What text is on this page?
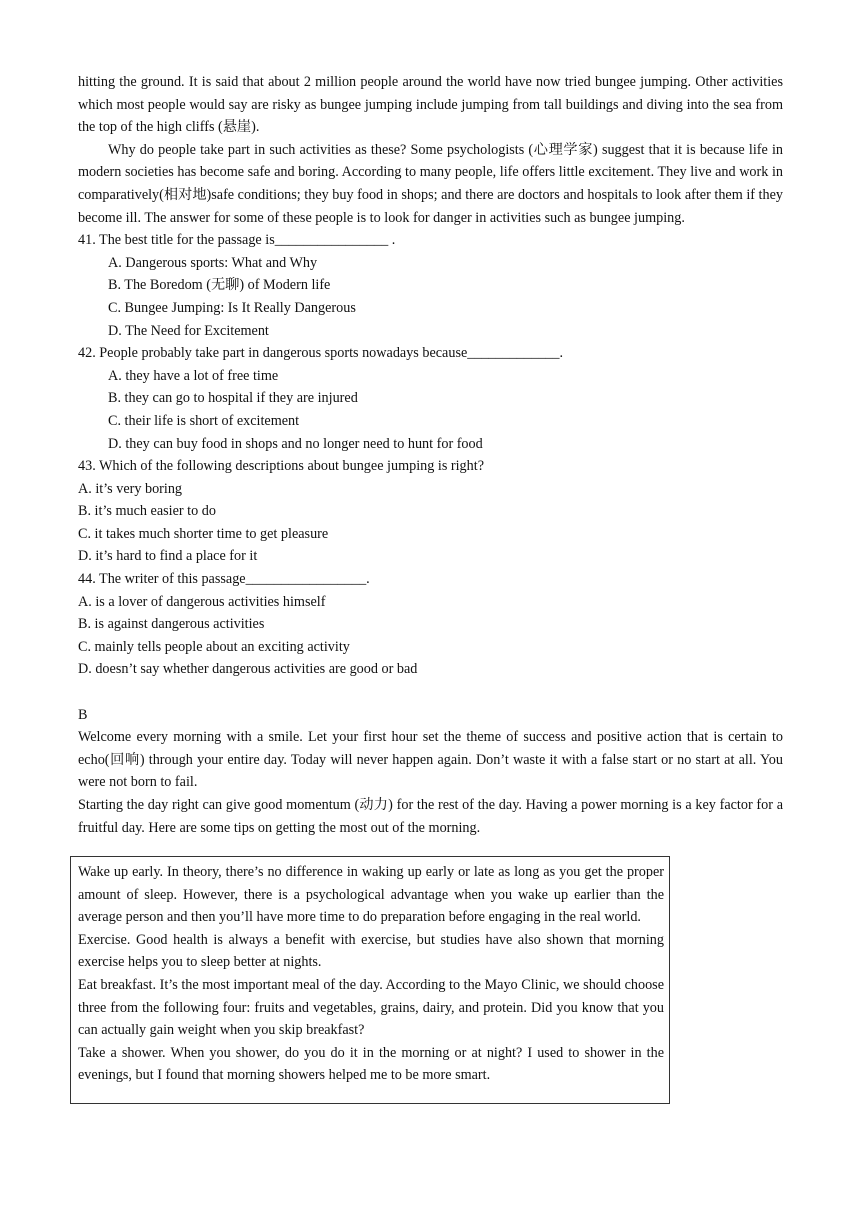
hitting the ground. It is said that about 2 million people around the world have now tried bungee jumping. Other activities which most people would say are risky as bungee jumping include jumping from tall buildings and diving into the sea from the top of the high cliffs (悬崖).

Why do people take part in such activities as these? Some psychologists (心理学家) suggest that it is because life in modern societies has become safe and boring. According to many people, life offers little excitement. They live and work in comparatively(相对地)safe conditions; they buy food in shops; and there are doctors and hospitals to look after them if they become ill. The answer for some of these people is to look for danger in activities such as bungee jumping.

41. The best title for the passage is________________ .

A. Dangerous sports: What and Why

B. The Boredom (无聊) of Modern life

C. Bungee Jumping: Is It Really Dangerous

D. The Need for Excitement

42. People probably take part in dangerous sports nowadays because_____________.

A. they have a lot of free time

B. they can go to hospital if they are injured

C. their life is short of excitement

D. they can buy food in shops and no longer need to hunt for food

43. Which of the following descriptions about bungee jumping is right?

A. it’s very boring

B. it’s much easier to do

C. it takes much shorter time to get pleasure

D. it’s hard to find a place for it

44. The writer of this passage_________________.

A. is a lover of dangerous activities himself

B. is against dangerous activities

C. mainly tells people about an exciting activity

D. doesn’t say whether dangerous activities are good or bad

B

Welcome every morning with a smile. Let your first hour set the theme of success and positive action that is certain to echo(回响) through your entire day. Today will never happen again. Don’t waste it with a false start or no start at all. You were not born to fail.

Starting the day right can give good momentum (动力) for the rest of the day. Having a power morning is a key factor for a fruitful day. Here are some tips on getting the most out of the morning.

Wake up early. In theory, there’s no difference in waking up early or late as long as you get the proper amount of sleep. However, there is a psychological advantage when you wake up earlier than the average person and then you’ll have more time to do preparation before engaging in the real world.

Exercise. Good health is always a benefit with exercise, but studies have also shown that morning exercise helps you to sleep better at nights.

Eat breakfast. It’s the most important meal of the day. According to the Mayo Clinic, we should choose three from the following four: fruits and vegetables, grains, dairy, and protein. Did you know that you can actually gain weight when you skip breakfast?

Take a shower. When you shower, do you do it in the morning or at night? I used to shower in the evenings, but I found that morning showers helped me to be more smart.
